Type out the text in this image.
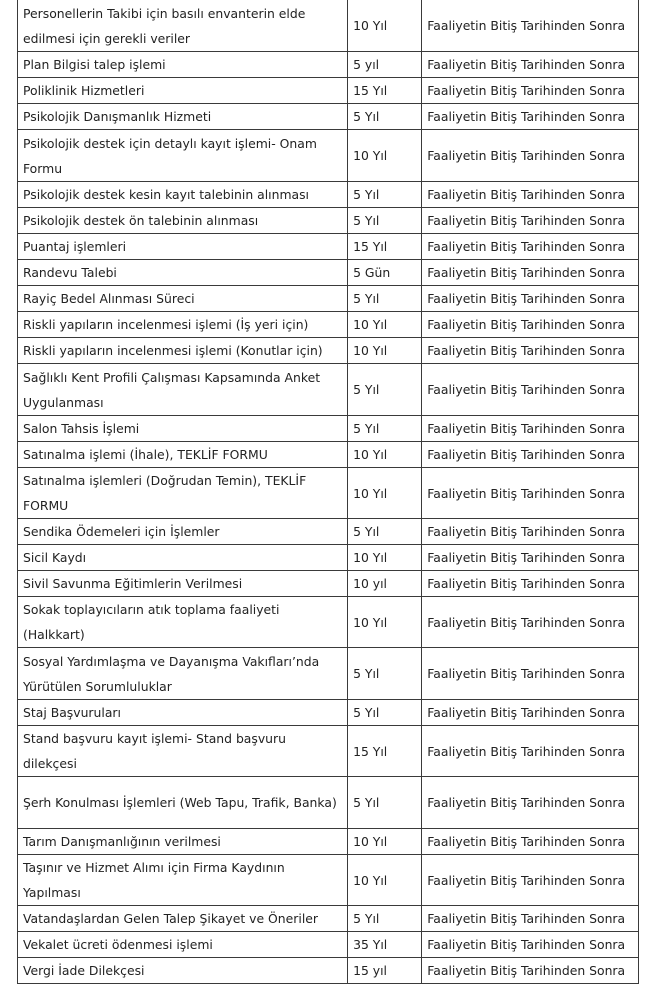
Personellerin Takibi için basılı envanterin elde edilmesi için gerekli veriler	10 Yıl	Faaliyetin Bitiş Tarihinden Sonra
Plan Bilgisi talep işlemi	5 yıl	Faaliyetin Bitiş Tarihinden Sonra
Poliklinik Hizmetleri	15 Yıl	Faaliyetin Bitiş Tarihinden Sonra
Psikolojik Danışmanlık Hizmeti	5 Yıl	Faaliyetin Bitiş Tarihinden Sonra
Psikolojik destek için detaylı kayıt işlemi- Onam Formu	10 Yıl	Faaliyetin Bitiş Tarihinden Sonra
Psikolojik destek kesin kayıt talebinin alınması	5 Yıl	Faaliyetin Bitiş Tarihinden Sonra
Psikolojik destek ön talebinin alınması	5 Yıl	Faaliyetin Bitiş Tarihinden Sonra
Puantaj işlemleri	15 Yıl	Faaliyetin Bitiş Tarihinden Sonra
Randevu Talebi	5 Gün	Faaliyetin Bitiş Tarihinden Sonra
Rayiç Bedel Alınması Süreci	5 Yıl	Faaliyetin Bitiş Tarihinden Sonra
Riskli yapıların incelenmesi işlemi (İş yeri için)	10 Yıl	Faaliyetin Bitiş Tarihinden Sonra
Riskli yapıların incelenmesi işlemi (Konutlar için)	10 Yıl	Faaliyetin Bitiş Tarihinden Sonra
Sağlıklı Kent Profili Çalışması Kapsamında Anket Uygulanması	5 Yıl	Faaliyetin Bitiş Tarihinden Sonra
Salon Tahsis İşlemi	5 Yıl	Faaliyetin Bitiş Tarihinden Sonra
Satınalma işlemi (İhale), TEKLİF FORMU	10 Yıl	Faaliyetin Bitiş Tarihinden Sonra
Satınalma işlemleri (Doğrudan Temin), TEKLİF FORMU	10 Yıl	Faaliyetin Bitiş Tarihinden Sonra
Sendika Ödemeleri için İşlemler	5 Yıl	Faaliyetin Bitiş Tarihinden Sonra
Sicil Kaydı	10 Yıl	Faaliyetin Bitiş Tarihinden Sonra
Sivil Savunma Eğitimlerin Verilmesi	10 yıl	Faaliyetin Bitiş Tarihinden Sonra
Sokak toplayıcıların atık toplama faaliyeti (Halkkart)	10 Yıl	Faaliyetin Bitiş Tarihinden Sonra
Sosyal Yardımlaşma ve Dayanışma Vakıfları’nda Yürütülen Sorumluluklar	5 Yıl	Faaliyetin Bitiş Tarihinden Sonra
Staj Başvuruları	5 Yıl	Faaliyetin Bitiş Tarihinden Sonra
Stand başvuru kayıt işlemi- Stand başvuru dilekçesi	15 Yıl	Faaliyetin Bitiş Tarihinden Sonra
Şerh Konulması İşlemleri (Web Tapu, Trafik, Banka)	5 Yıl	Faaliyetin Bitiş Tarihinden Sonra
Tarım Danışmanlığının verilmesi	10 Yıl	Faaliyetin Bitiş Tarihinden Sonra
Taşınır ve Hizmet Alımı için Firma Kaydının Yapılması	10 Yıl	Faaliyetin Bitiş Tarihinden Sonra
Vatandaşlardan Gelen Talep Şikayet ve Öneriler	5 Yıl	Faaliyetin Bitiş Tarihinden Sonra
Vekalet ücreti ödenmesi işlemi	35 Yıl	Faaliyetin Bitiş Tarihinden Sonra
Vergi İade Dilekçesi	15 yıl	Faaliyetin Bitiş Tarihinden Sonra
